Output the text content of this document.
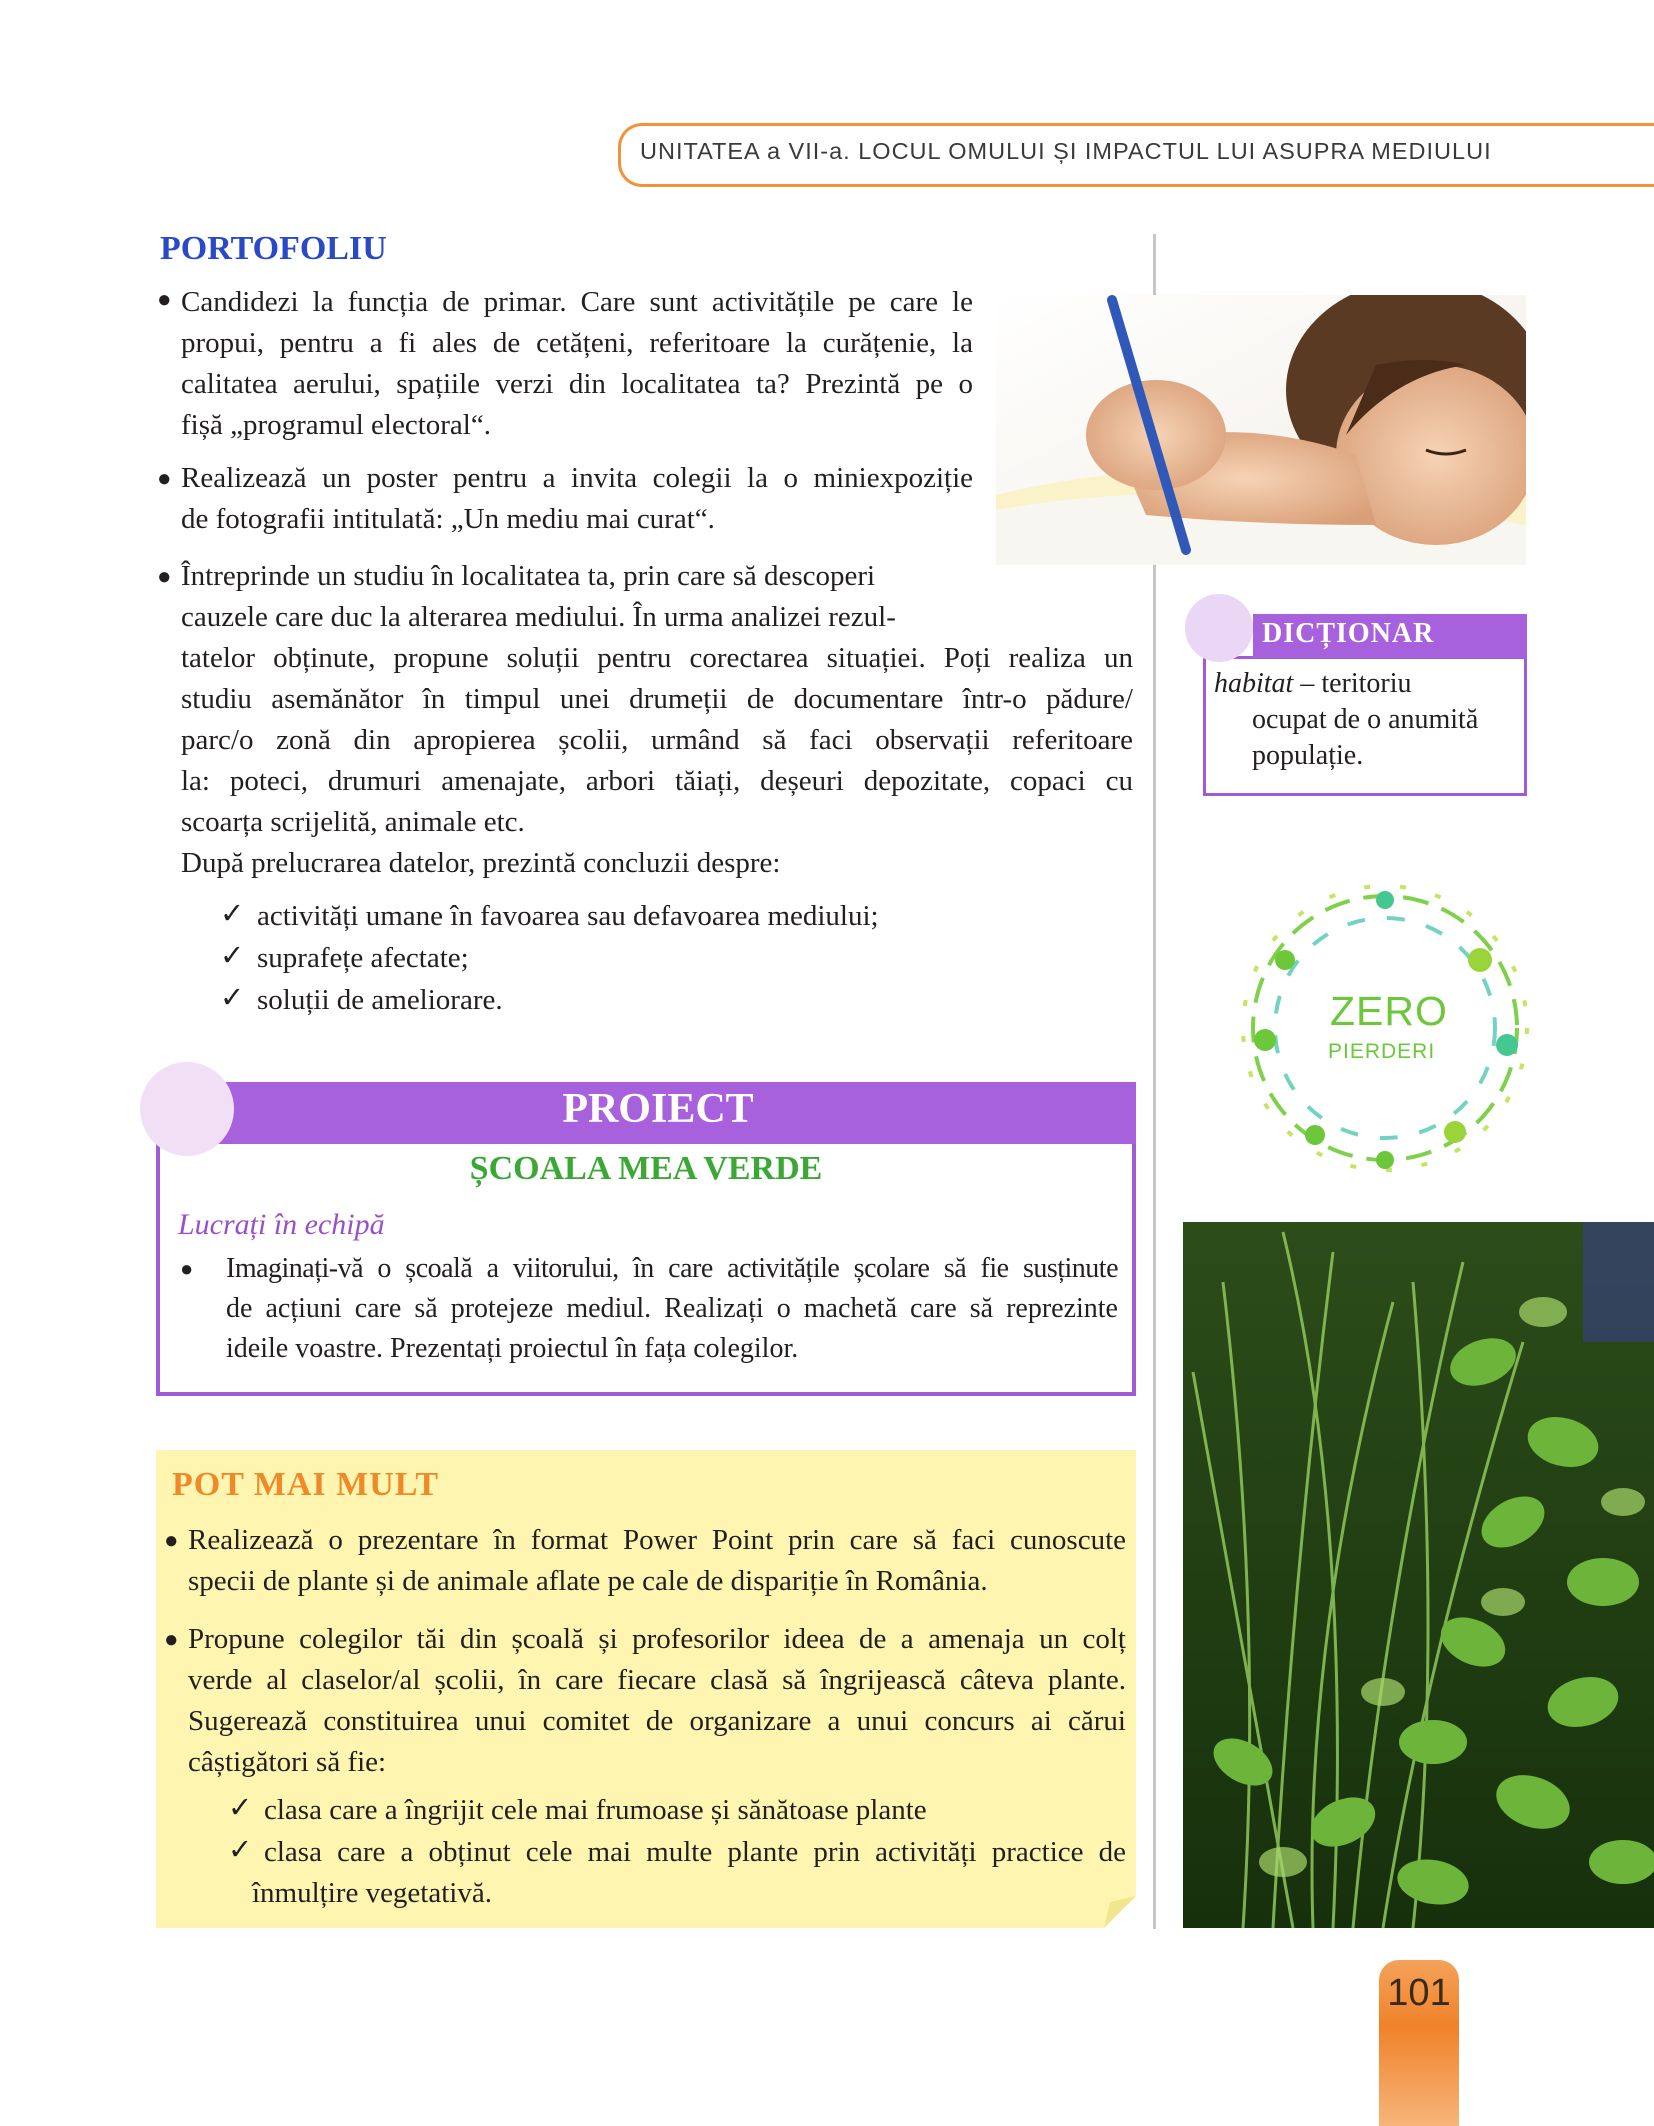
UNITATEA a VII-a. LOCUL OMULUI ȘI IMPACTUL LUI ASUPRA MEDIULUI
PORTOFOLIU
● Candidezi la funcția de primar. Care sunt activitățile pe care le
propui, pentru a fi ales de cetățeni, referitoare la curățenie, la
calitatea aerului, spațiile verzi din localitatea ta? Prezintă pe o
fișă „programul electoral“.
● Realizează un poster pentru a invita colegii la o miniexpoziție
de fotografii intitulată: „Un mediu mai curat“.
● Întreprinde un studiu în localitatea ta, prin care să descoperi
cauzele care duc la alterarea mediului. În urma analizei rezul-
tatelor obținute, propune soluții pentru corectarea situației. Poți realiza un
studiu asemănător în timpul unei drumeții de documentare într-o pădure/
parc/o zonă din apropierea școlii, urmând să faci observații referitoare
la: poteci, drumuri amenajate, arbori tăiați, deșeuri depozitate, copaci cu
scoarța scrijelită, animale etc.
După prelucrarea datelor, prezintă concluzii despre:
✓ activități umane în favoarea sau defavoarea mediului;
✓ suprafețe afectate;
✓ soluții de ameliorare.
DICȚIONAR
habitat – teritoriu
ocupat de o anumită
populație.
ZERO
PIERDERI
PROIECT
ȘCOALA MEA VERDE
Lucrați în echipă
● Imaginați-vă o școală a viitorului, în care activitățile școlare să fie susținute
de acțiuni care să protejeze mediul. Realizați o machetă care să reprezinte
ideile voastre. Prezentați proiectul în fața colegilor.
POT MAI MULT
● Realizează o prezentare în format Power Point prin care să faci cunoscute
specii de plante și de animale aflate pe cale de dispariție în România.
● Propune colegilor tăi din școală și profesorilor ideea de a amenaja un colț
verde al claselor/al școlii, în care fiecare clasă să îngrijească câteva plante.
Sugerează constituirea unui comitet de organizare a unui concurs ai cărui
câștigători să fie:
✓ clasa care a îngrijit cele mai frumoase și sănătoase plante
✓ clasa care a obținut cele mai multe plante prin activități practice de
înmulțire vegetativă.
101
